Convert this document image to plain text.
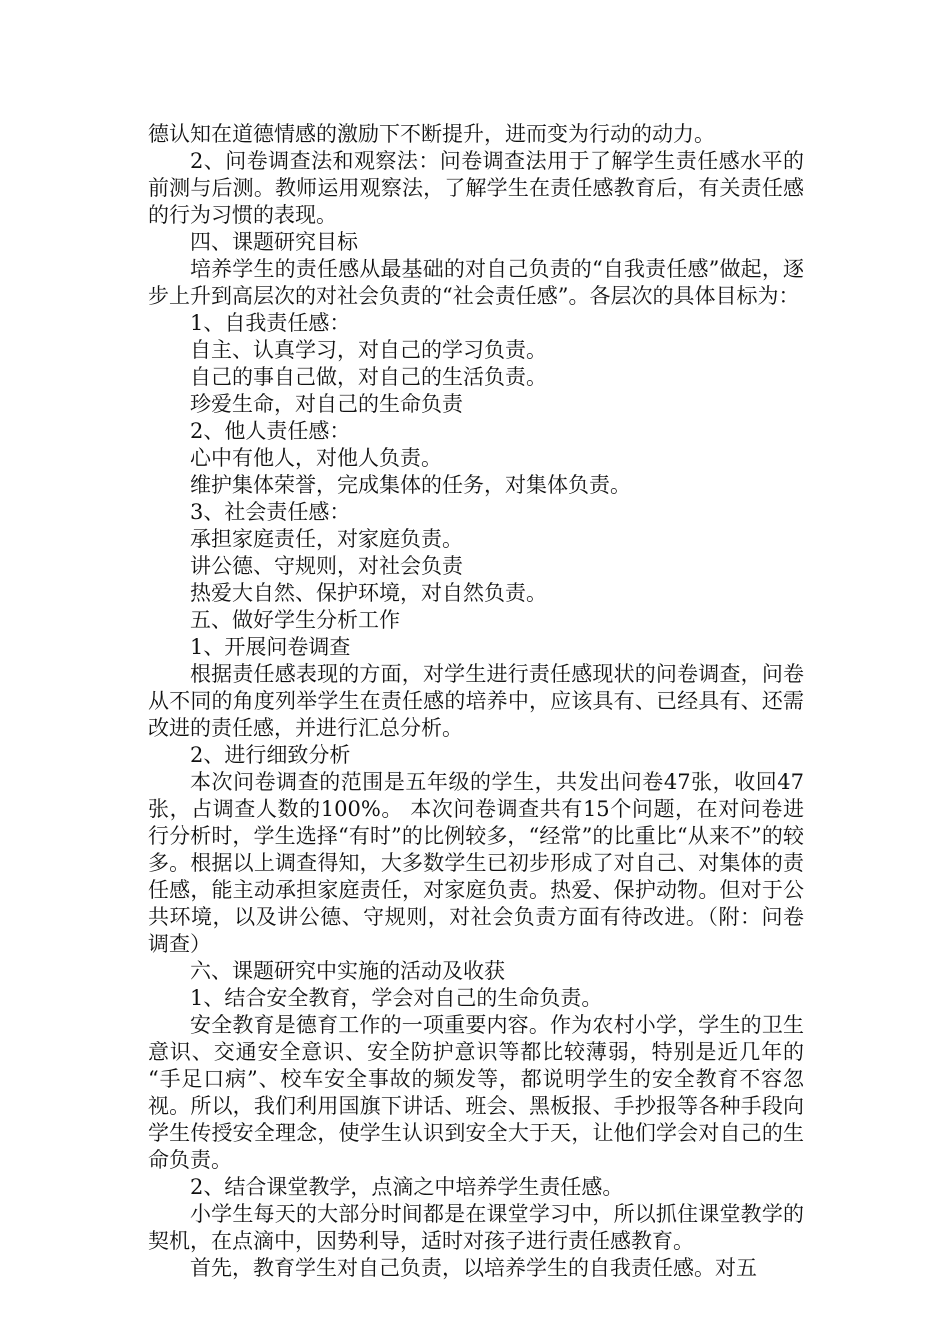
德认知在道德情感的激励下不断提升，进而变为行动的动力。

2、问卷调查法和观察法：问卷调查法用于了解学生责任感水平的前测与后测。教师运用观察法，了解学生在责任感教育后，有关责任感的行为习惯的表现。

四、课题研究目标

培养学生的责任感从最基础的对自己负责的“自我责任感”做起，逐步上升到高层次的对社会负责的“社会责任感”。各层次的具体目标为：

1、自我责任感：

自主、认真学习，对自己的学习负责。

自己的事自己做，对自己的生活负责。

珍爱生命，对自己的生命负责

2、他人责任感：

心中有他人，对他人负责。

维护集体荣誉，完成集体的任务，对集体负责。

3、社会责任感：

承担家庭责任，对家庭负责。

讲公德、守规则，对社会负责

热爱大自然、保护环境，对自然负责。

五、做好学生分析工作

1、开展问卷调查

根据责任感表现的方面，对学生进行责任感现状的问卷调查，问卷从不同的角度列举学生在责任感的培养中，应该具有、已经具有、还需改进的责任感，并进行汇总分析。

2、进行细致分析

本次问卷调查的范围是五年级的学生，共发出问卷47张，收回47张，占调查人数的100%。 本次问卷调查共有15个问题，在对问卷进行分析时，学生选择“有时”的比例较多，“经常”的比重比“从来不”的较多。根据以上调查得知，大多数学生已初步形成了对自己、对集体的责任感，能主动承担家庭责任，对家庭负责。热爱、保护动物。但对于公共环境，以及讲公德、守规则，对社会负责方面有待改进。（附：问卷调查）

六、课题研究中实施的活动及收获

1、结合安全教育，学会对自己的生命负责。

安全教育是德育工作的一项重要内容。作为农村小学，学生的卫生意识、交通安全意识、安全防护意识等都比较薄弱，特别是近几年的 “手足口病”、校车安全事故的频发等，都说明学生的安全教育不容忽视。所以，我们利用国旗下讲话、班会、黑板报、手抄报等各种手段向学生传授安全理念，使学生认识到安全大于天，让他们学会对自己的生命负责。

2、结合课堂教学，点滴之中培养学生责任感。

小学生每天的大部分时间都是在课堂学习中，所以抓住课堂教学的契机，在点滴中，因势利导，适时对孩子进行责任感教育。

首先，教育学生对自己负责，以培养学生的自我责任感。对五
